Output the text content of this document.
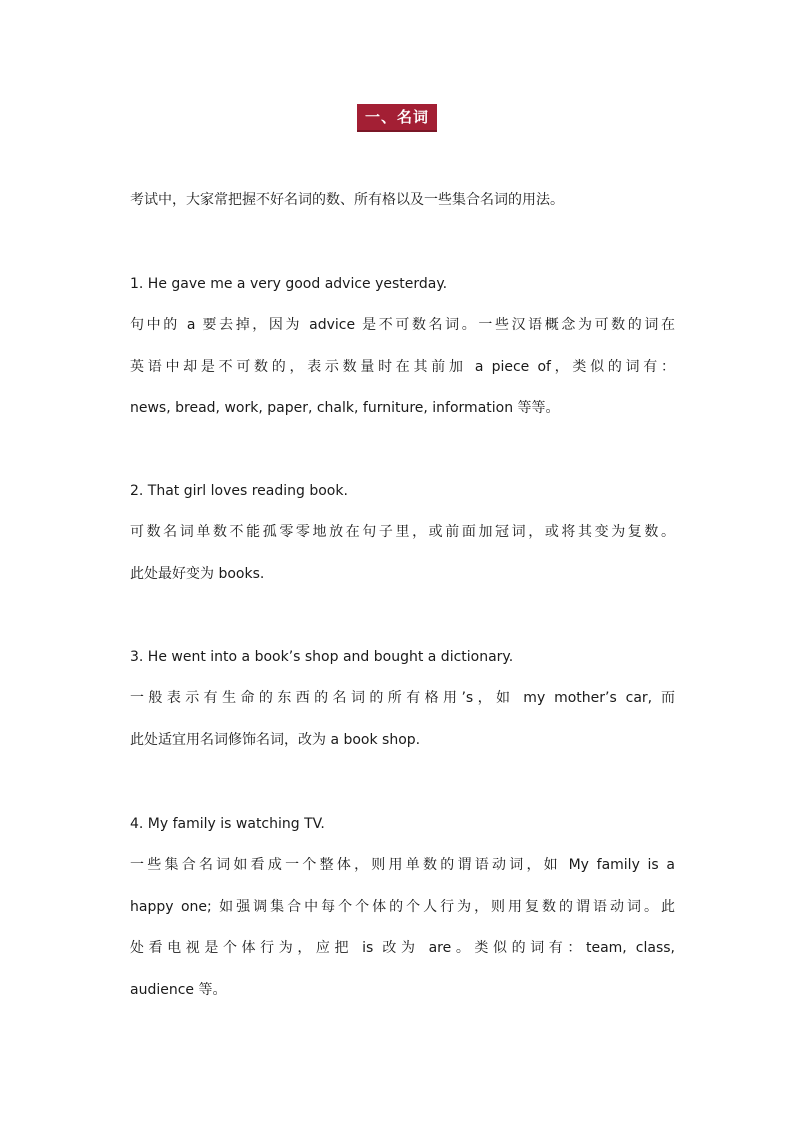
一、名词

考试中，大家常把握不好名词的数、所有格以及一些集合名词的用法。

1. He gave me a very good advice yesterday.

句中的 a 要去掉，因为 advice 是不可数名词。一些汉语概念为可数的词在
英语中却是不可数的，表示数量时在其前加 a piece of，类似的词有：
news, bread, work, paper, chalk, furniture, information 等等。

2. That girl loves reading book.

可数名词单数不能孤零零地放在句子里，或前面加冠词，或将其变为复数。
此处最好变为 books.

3. He went into a book’s shop and bought a dictionary.

一般表示有生命的东西的名词的所有格用’s，如 my mother’s car, 而
此处适宜用名词修饰名词，改为 a book shop.

4. My family is watching TV.

一些集合名词如看成一个整体，则用单数的谓语动词，如 My family is a
happy one; 如强调集合中每个个体的个人行为，则用复数的谓语动词。此
处看电视是个体行为，应把 is 改为 are。类似的词有：team, class,
audience 等。
